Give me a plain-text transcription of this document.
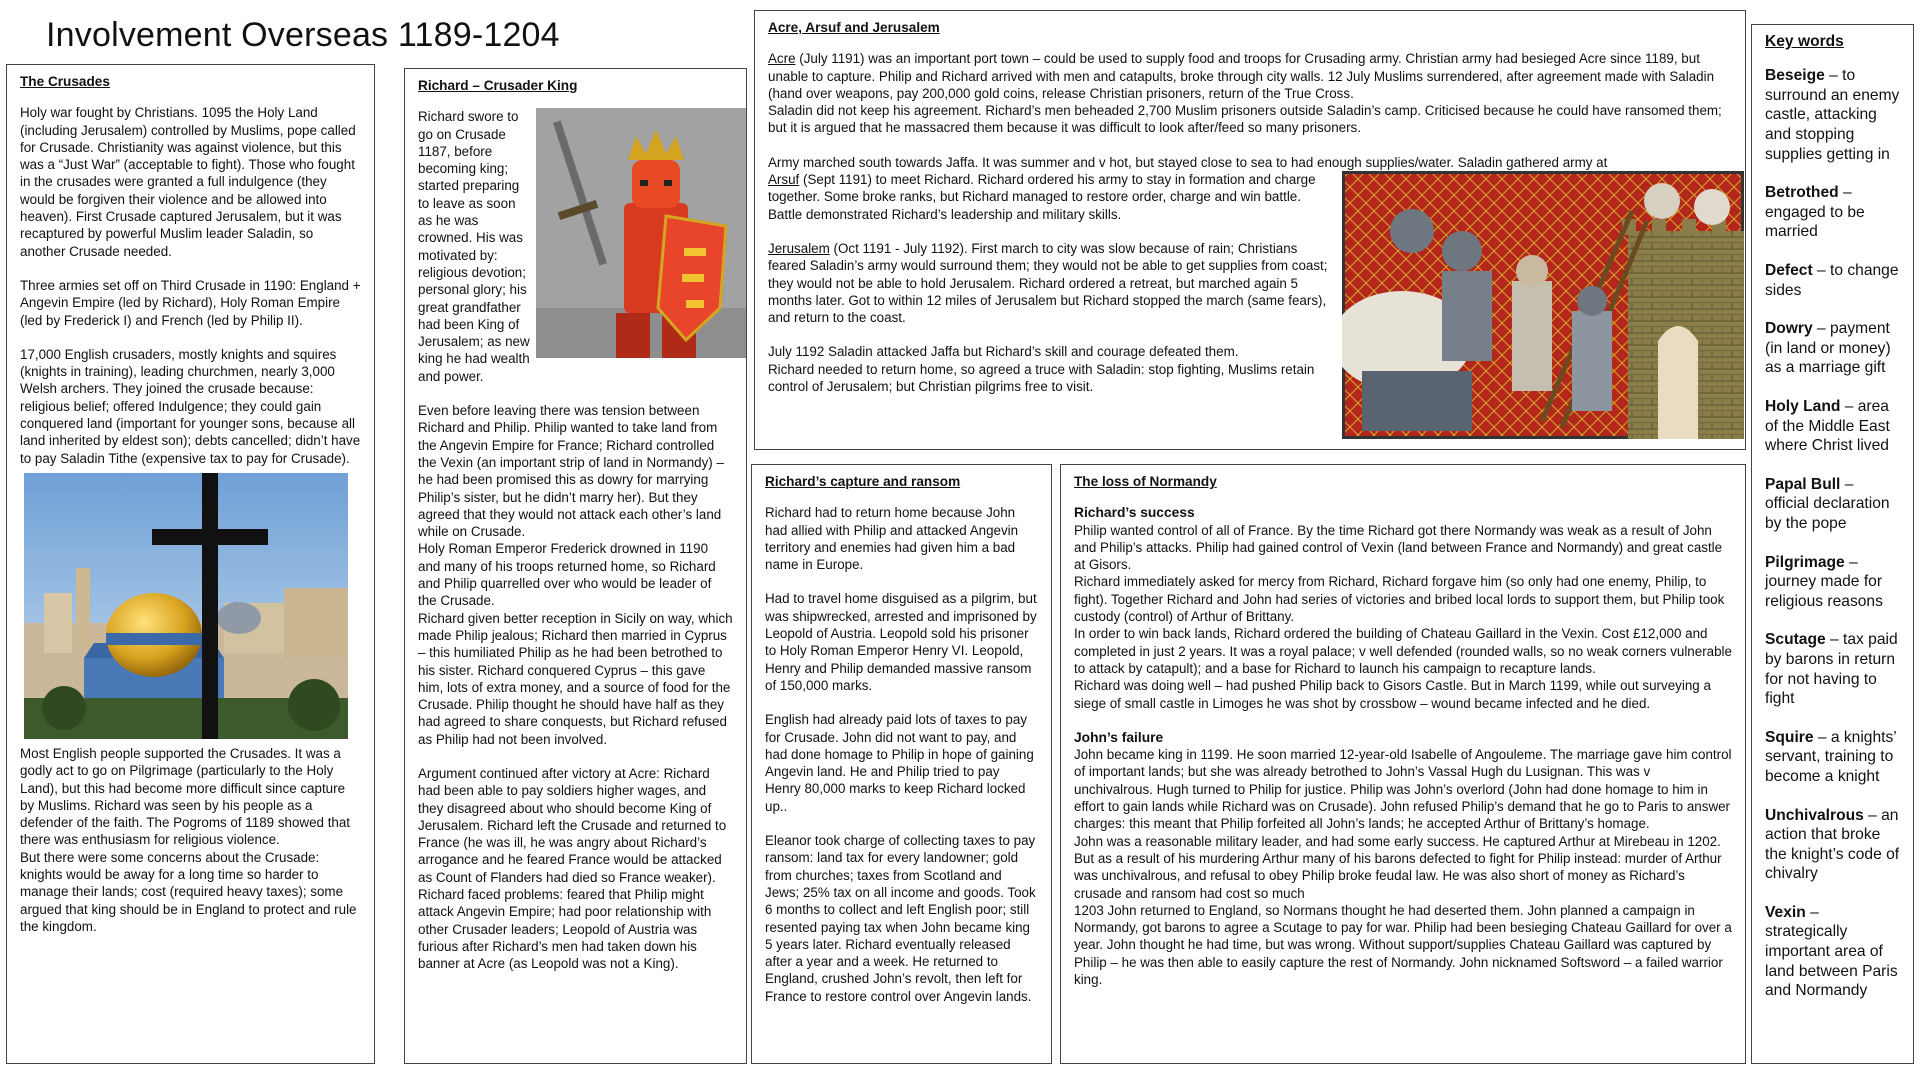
Involvement Overseas 1189-1204
The Crusades

Holy war fought by Christians. 1095 the Holy Land (including Jerusalem) controlled by Muslims, pope called for Crusade. Christianity was against violence, but this was a “Just War” (acceptable to fight). Those who fought in the crusades were granted a full indulgence (they would be forgiven their violence and be allowed into heaven). First Crusade captured Jerusalem, but it was recaptured by powerful Muslim leader Saladin, so another Crusade needed.

Three armies set off on Third Crusade in 1190: England + Angevin Empire (led by Richard), Holy Roman Empire (led by Frederick I) and French (led by Philip II).

17,000 English crusaders, mostly knights and squires (knights in training), leading churchmen, nearly 3,000 Welsh archers. They joined the crusade because: religious belief; offered Indulgence; they could gain conquered land (important for younger sons, because all land inherited by eldest son); debts cancelled; didn’t have to pay Saladin Tithe (expensive tax to pay for Crusade).

Most English people supported the Crusades. It was a godly act to go on Pilgrimage (particularly to the Holy Land), but this had become more difficult since capture by Muslims. Richard was seen by his people as a defender of the faith. The Pogroms of 1189 showed that there was enthusiasm for religious violence.

But there were some concerns about the Crusade: knights would be away for a long time so harder to manage their lands; cost (required heavy taxes); some argued that king should be in England to protect and rule the kingdom.

Richard – Crusader King

Richard swore to go on Crusade 1187, before becoming king; started preparing to leave as soon as he was crowned. His was motivated by: religious devotion; personal glory; his great grandfather had been King of Jerusalem; as new king he had wealth and power.

Even before leaving there was tension between Richard and Philip. Philip wanted to take land from the Angevin Empire for France; Richard controlled the Vexin (an important strip of land in Normandy) – he had been promised this as dowry for marrying Philip’s sister, but he didn’t marry her). But they agreed that they would not attack each other’s land while on Crusade.

Holy Roman Emperor Frederick drowned in 1190 and many of his troops returned home, so Richard and Philip quarrelled over who would be leader of the Crusade.

Richard given better reception in Sicily on way, which made Philip jealous; Richard then married in Cyprus – this humiliated Philip as he had been betrothed to his sister. Richard conquered Cyprus – this gave him, lots of extra money, and a source of food for the Crusade. Philip thought he should have half as they had agreed to share conquests, but Richard refused as Philip had not been involved.

Argument continued after victory at Acre: Richard had been able to pay soldiers higher wages, and they disagreed about who should become King of Jerusalem. Richard left the Crusade and returned to France (he was ill, he was angry about Richard’s arrogance and he feared France would be attacked as Count of Flanders had died so France weaker).

Richard faced problems: feared that Philip might attack Angevin Empire; had poor relationship with other Crusader leaders; Leopold of Austria was furious after Richard’s men had taken down his banner at Acre (as Leopold was not a King).

Acre, Arsuf and Jerusalem

Acre (July 1191) was an important port town – could be used to supply food and troops for Crusading army. Christian army had besieged Acre since 1189, but unable to capture. Philip and Richard arrived with men and catapults, broke through city walls. 12 July Muslims surrendered, after agreement made with Saladin (hand over weapons, pay 200,000 gold coins, release Christian prisoners, return of the True Cross.

Saladin did not keep his agreement. Richard’s men beheaded 2,700 Muslim prisoners outside Saladin’s camp. Criticised because he could have ransomed them; but it is argued that he massacred them because it was difficult to look after/feed so many prisoners.

Army marched south towards Jaffa. It was summer and v hot, but stayed close to sea to had enough supplies/water. Saladin gathered army at

Arsuf (Sept 1191) to meet Richard. Richard ordered his army to stay in formation and charge together. Some broke ranks, but Richard managed to restore order, charge and win battle. Battle demonstrated Richard’s leadership and military skills.

Jerusalem (Oct 1191 - July 1192). First march to city was slow because of rain; Christians feared Saladin’s army would surround them; they would not be able to get supplies from coast; they would not be able to hold Jerusalem. Richard ordered a retreat, but marched again 5 months later. Got to within 12 miles of Jerusalem but Richard stopped the march (same fears), and return to the coast.

July 1192 Saladin attacked Jaffa but Richard’s skill and courage defeated them.

Richard needed to return home, so agreed a truce with Saladin: stop fighting, Muslims retain control of Jerusalem; but Christian pilgrims free to visit.

Richard’s capture and ransom

Richard had to return home because John had allied with Philip and attacked Angevin territory and enemies had given him a bad name in Europe.

Had to travel home disguised as a pilgrim, but was shipwrecked, arrested and imprisoned by Leopold of Austria. Leopold sold his prisoner to Holy Roman Emperor Henry VI. Leopold, Henry and Philip demanded massive ransom of 150,000 marks.

English had already paid lots of taxes to pay for Crusade. John did not want to pay, and had done homage to Philip in hope of gaining Angevin land. He and Philip tried to pay Henry 80,000 marks to keep Richard locked up..

Eleanor took charge of collecting taxes to pay ransom: land tax for every landowner; gold from churches; taxes from Scotland and Jews; 25% tax on all income and goods. Took 6 months to collect and left English poor; still resented paying tax when John became king 5 years later. Richard eventually released after a year and a week. He returned to England, crushed John’s revolt, then left for France to restore control over Angevin lands.

The loss of Normandy
Richard’s success

Philip wanted control of all of France. By the time Richard got there Normandy was weak as a result of John and Philip’s attacks. Philip had gained control of Vexin (land between France and Normandy) and great castle at Gisors.

Richard immediately asked for mercy from Richard, Richard forgave him (so only had one enemy, Philip, to fight). Together Richard and John had series of victories and bribed local lords to support them, but Philip took custody (control) of Arthur of Brittany.

In order to win back lands, Richard ordered the building of Chateau Gaillard in the Vexin. Cost £12,000 and completed in just 2 years. It was a royal palace; v well defended (rounded walls, so no weak corners vulnerable to attack by catapult); and a base for Richard to launch his campaign to recapture lands.

Richard was doing well – had pushed Philip back to Gisors Castle. But in March 1199, while out surveying a siege of small castle in Limoges he was shot by crossbow – wound became infected and he died.

John’s failure

John became king in 1199. He soon married 12-year-old Isabelle of Angouleme. The marriage gave him control of important lands; but she was already betrothed to John’s Vassal Hugh du Lusignan. This was v unchivalrous. Hugh turned to Philip for justice. Philip was John’s overlord (John had done homage to him in effort to gain lands while Richard was on Crusade). John refused Philip’s demand that he go to Paris to answer charges: this meant that Philip forfeited all John’s lands; he accepted Arthur of Brittany’s homage.

John was a reasonable military leader, and had some early success. He captured Arthur at Mirebeau in 1202. But as a result of his murdering Arthur many of his barons defected to fight for Philip instead: murder of Arthur was unchivalrous, and refusal to obey Philip broke feudal law. He was also short of money as Richard’s crusade and ransom had cost so much

1203 John returned to England, so Normans thought he had deserted them. John planned a campaign in Normandy, got barons to agree a Scutage to pay for war. Philip had been besieging Chateau Gaillard for over a year. John thought he had time, but was wrong. Without support/supplies Chateau Gaillard was captured by Philip – he was then able to easily capture the rest of Normandy. John nicknamed Softsword – a failed warrior king.

Key words

Beseige – to surround an enemy castle, attacking and stopping supplies getting in

Betrothed – engaged to be married

Defect – to change sides

Dowry – payment (in land or money) as a marriage gift

Holy Land – area of the Middle East where Christ lived

Papal Bull – official declaration by the pope

Pilgrimage – journey made for religious reasons

Scutage – tax paid by barons in return for not having to fight

Squire – a knights’ servant, training to become a knight

Unchivalrous – an action that broke the knight’s code of chivalry

Vexin – strategically important area of land between Paris and Normandy
